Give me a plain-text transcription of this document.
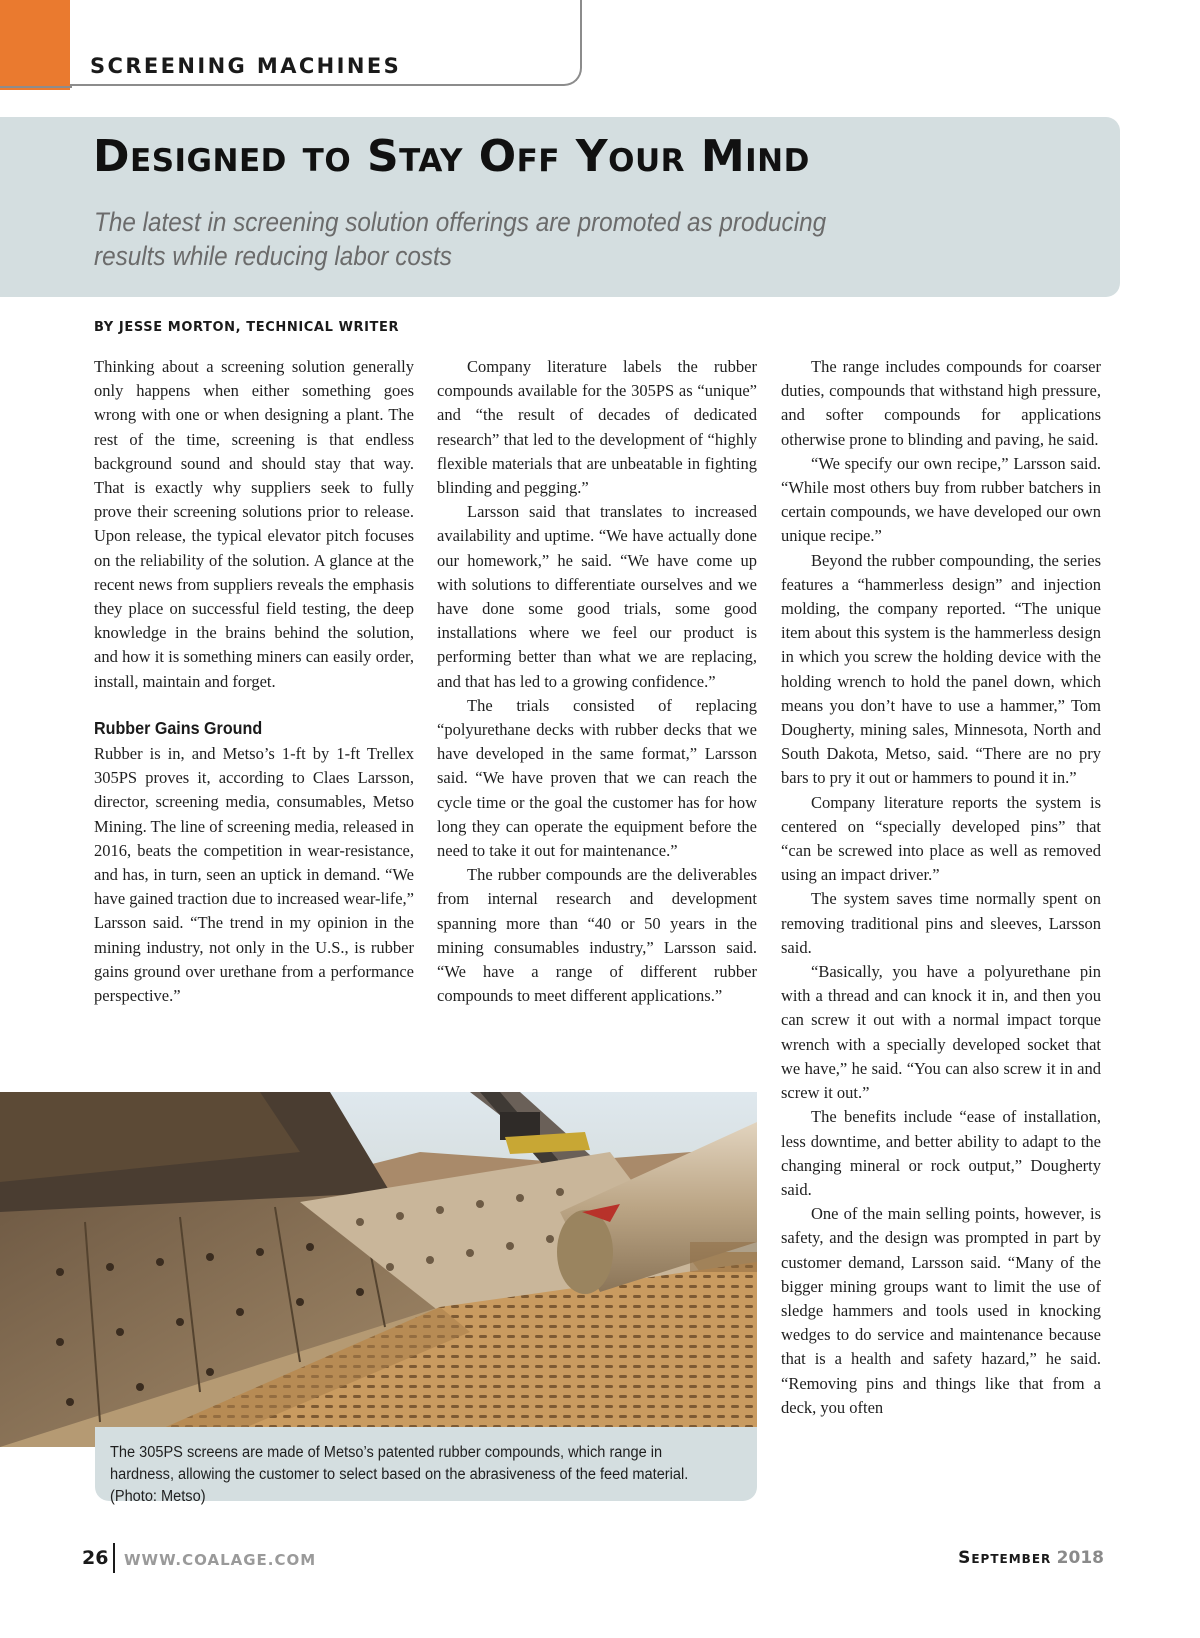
SCREENING MACHINES
Designed to Stay Off Your Mind
The latest in screening solution offerings are promoted as producing results while reducing labor costs
BY JESSE MORTON, TECHNICAL WRITER

Thinking about a screening solution generally only happens when either something goes wrong with one or when designing a plant. The rest of the time, screening is that endless background sound and should stay that way. That is exactly why suppliers seek to fully prove their screening solutions prior to release. Upon release, the typical elevator pitch focuses on the reliability of the solution. A glance at the recent news from suppliers reveals the emphasis they place on successful field testing, the deep knowledge in the brains behind the solution, and how it is something miners can easily order, install, maintain and forget.

Rubber Gains Ground

Rubber is in, and Metso’s 1-ft by 1-ft Trellex 305PS proves it, according to Claes Larsson, director, screening media, consumables, Metso Mining. The line of screening media, released in 2016, beats the competition in wear-resistance, and has, in turn, seen an uptick in demand. “We have gained traction due to increased wear-life,” Larsson said. “The trend in my opinion in the mining industry, not only in the U.S., is rubber gains ground over urethane from a performance perspective.”

Company literature labels the rubber compounds available for the 305PS as “unique” and “the result of decades of dedicated research” that led to the development of “highly flexible materials that are unbeatable in fighting blinding and pegging.”

Larsson said that translates to increased availability and uptime. “We have actually done our homework,” he said. “We have come up with solutions to differentiate ourselves and we have done some good trials, some good installations where we feel our product is performing better than what we are replacing, and that has led to a growing confidence.”

The trials consisted of replacing “polyurethane decks with rubber decks that we have developed in the same format,” Larsson said. “We have proven that we can reach the cycle time or the goal the customer has for how long they can operate the equipment before the need to take it out for maintenance.”

The rubber compounds are the deliverables from internal research and development spanning more than “40 or 50 years in the mining consumables industry,” Larsson said. “We have a range of different rubber compounds to meet different applications.”

The range includes compounds for coarser duties, compounds that withstand high pressure, and softer compounds for applications otherwise prone to blinding and paving, he said.

“We specify our own recipe,” Larsson said. “While most others buy from rubber batchers in certain compounds, we have developed our own unique recipe.”

Beyond the rubber compounding, the series features a “hammerless design” and injection molding, the company reported. “The unique item about this system is the hammerless design in which you screw the holding device with the holding wrench to hold the panel down, which means you don’t have to use a hammer,” Tom Dougherty, mining sales, Minnesota, North and South Dakota, Metso, said. “There are no pry bars to pry it out or hammers to pound it in.”

Company literature reports the system is centered on “specially developed pins” that “can be screwed into place as well as removed using an impact driver.”

The system saves time normally spent on removing traditional pins and sleeves, Larsson said.

“Basically, you have a polyurethane pin with a thread and can knock it in, and then you can screw it out with a normal impact torque wrench with a specially developed socket that we have,” he said. “You can also screw it in and screw it out.”

The benefits include “ease of installation, less downtime, and better ability to adapt to the changing mineral or rock output,” Dougherty said.

One of the main selling points, however, is safety, and the design was prompted in part by customer demand, Larsson said. “Many of the bigger mining groups want to limit the use of sledge hammers and tools used in knocking wedges to do service and maintenance because that is a health and safety hazard,” he said. “Removing pins and things like that from a deck, you often

The 305PS screens are made of Metso’s patented rubber compounds, which range in hardness, allowing the customer to select based on the abrasiveness of the feed material. (Photo: Metso)
26 WWW.COALAGE.COM	September 2018
